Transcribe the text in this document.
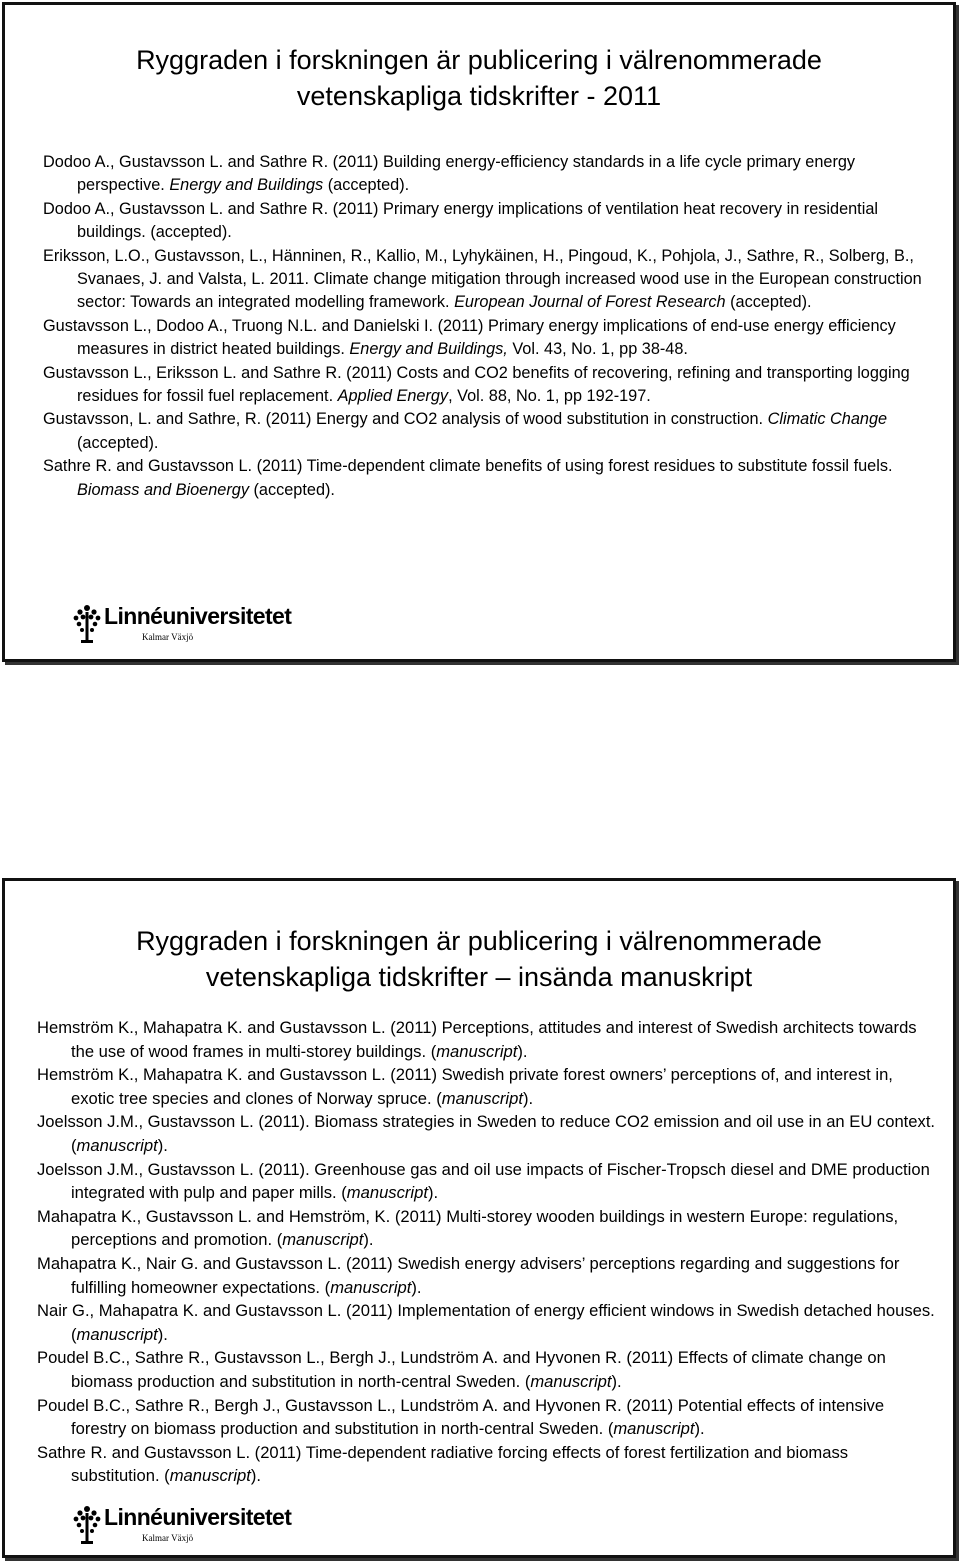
Ryggraden i forskningen är publicering i välrenommerade
vetenskapliga tidskrifter - 2011
Dodoo A., Gustavsson L. and Sathre R. (2011) Building energy-efficiency standards in a life cycle primary energy perspective. Energy and Buildings (accepted).
Dodoo A., Gustavsson L. and Sathre R. (2011) Primary energy implications of ventilation heat recovery in residential buildings. (accepted).
Eriksson, L.O., Gustavsson, L., Hänninen, R., Kallio, M., Lyhykäinen, H., Pingoud, K., Pohjola, J., Sathre, R., Solberg, B., Svanaes, J. and Valsta, L. 2011. Climate change mitigation through increased wood use in the European construction sector: Towards an integrated modelling framework. European Journal of Forest Research (accepted).
Gustavsson L., Dodoo A., Truong N.L. and Danielski I. (2011) Primary energy implications of end-use energy efficiency measures in district heated buildings. Energy and Buildings, Vol. 43, No. 1, pp 38-48.
Gustavsson L., Eriksson L. and Sathre R. (2011) Costs and CO2 benefits of recovering, refining and transporting logging residues for fossil fuel replacement. Applied Energy, Vol. 88, No. 1, pp 192-197.
Gustavsson, L. and Sathre, R. (2011) Energy and CO2 analysis of wood substitution in construction. Climatic Change (accepted).
Sathre R. and Gustavsson L. (2011) Time-dependent climate benefits of using forest residues to substitute fossil fuels. Biomass and Bioenergy (accepted).
Linnéuniversitetet
Kalmar Växjö
Ryggraden i forskningen är publicering i välrenommerade
vetenskapliga tidskrifter – insända manuskript
Hemström K., Mahapatra K. and Gustavsson L. (2011) Perceptions, attitudes and interest of Swedish architects towards the use of wood frames in multi-storey buildings. (manuscript).
Hemström K., Mahapatra K. and Gustavsson L. (2011) Swedish private forest owners’ perceptions of, and interest in, exotic tree species and clones of Norway spruce. (manuscript).
Joelsson J.M., Gustavsson L. (2011). Biomass strategies in Sweden to reduce CO2 emission and oil use in an EU context. (manuscript).
Joelsson J.M., Gustavsson L. (2011). Greenhouse gas and oil use impacts of Fischer-Tropsch diesel and DME production integrated with pulp and paper mills. (manuscript).
Mahapatra K., Gustavsson L. and Hemström, K. (2011) Multi-storey wooden buildings in western Europe: regulations, perceptions and promotion. (manuscript).
Mahapatra K., Nair G. and Gustavsson L. (2011) Swedish energy advisers’ perceptions regarding and suggestions for fulfilling homeowner expectations. (manuscript).
Nair G., Mahapatra K. and Gustavsson L. (2011) Implementation of energy efficient windows in Swedish detached houses. (manuscript).
Poudel B.C., Sathre R., Gustavsson L., Bergh J., Lundström A. and Hyvonen R. (2011) Effects of climate change on biomass production and substitution in north-central Sweden. (manuscript).
Poudel B.C., Sathre R., Bergh J., Gustavsson L., Lundström A. and Hyvonen R. (2011) Potential effects of intensive forestry on biomass production and substitution in north-central Sweden. (manuscript).
Sathre R. and Gustavsson L. (2011) Time-dependent radiative forcing effects of forest fertilization and biomass substitution. (manuscript).
Linnéuniversitetet
Kalmar Växjö
